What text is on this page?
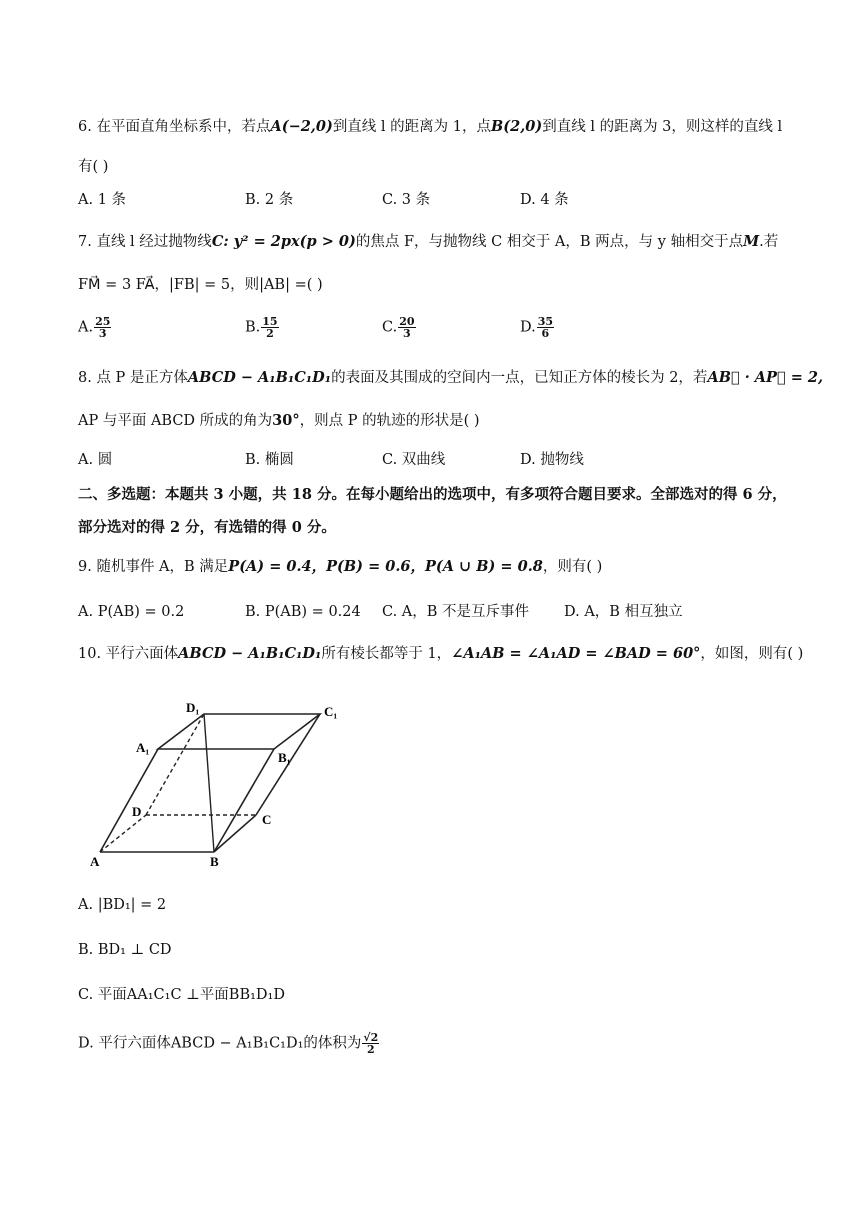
6. 在平面直角坐标系中，若点A(−2,0)到直线 l 的距离为 1，点B(2,0)到直线 l 的距离为 3，则这样的直线 l
有( )
A. 1 条	B. 2 条	C. 3 条	D. 4 条
7. 直线 l 经过抛物线C: y² = 2px(p > 0)的焦点 F，与抛物线 C 相交于 A，B 两点，与 y 轴相交于点M.若
FM⃗ = 3 FA⃗，|FB| = 5，则|AB| =( )
A. $\frac{25}{3}$	B. $\frac{15}{2}$	C. $\frac{20}{3}$	D. $\frac{35}{6}$
8. 点 P 是正方体ABCD − A₁B₁C₁D₁的表面及其围成的空间内一点，已知正方体的棱长为 2，若AB⃗ · AP⃗ = 2,
AP 与平面 ABCD 所成的角为30°，则点 P 的轨迹的形状是( )
A. 圆	B. 椭圆	C. 双曲线	D. 抛物线
二、多选题：本题共 3 小题，共 18 分。在每小题给出的选项中，有多项符合题目要求。全部选对的得 6 分，
部分选对的得 2 分，有选错的得 0 分。
9. 随机事件 A，B 满足P(A) = 0.4，P(B) = 0.6，P(A ∪ B) = 0.8，则有( )
A. P(AB) = 0.2	B. P(AB) = 0.24 C. A，B 不是互斥事件 D. A，B 相互独立
10. 平行六面体ABCD − A₁B₁C₁D₁所有棱长都等于 1，∠A₁AB = ∠A₁AD = ∠BAD = 60°，如图，则有( )
D₁	C₁
A₁
B₁
D
C
A	B
A. |BD₁| = 2
B. BD₁ ⊥ CD
C. 平面AA₁C₁C ⊥平面BB₁D₁D
D. 平行六面体ABCD − A₁B₁C₁D₁的体积为 $\frac{√2}{2}$
